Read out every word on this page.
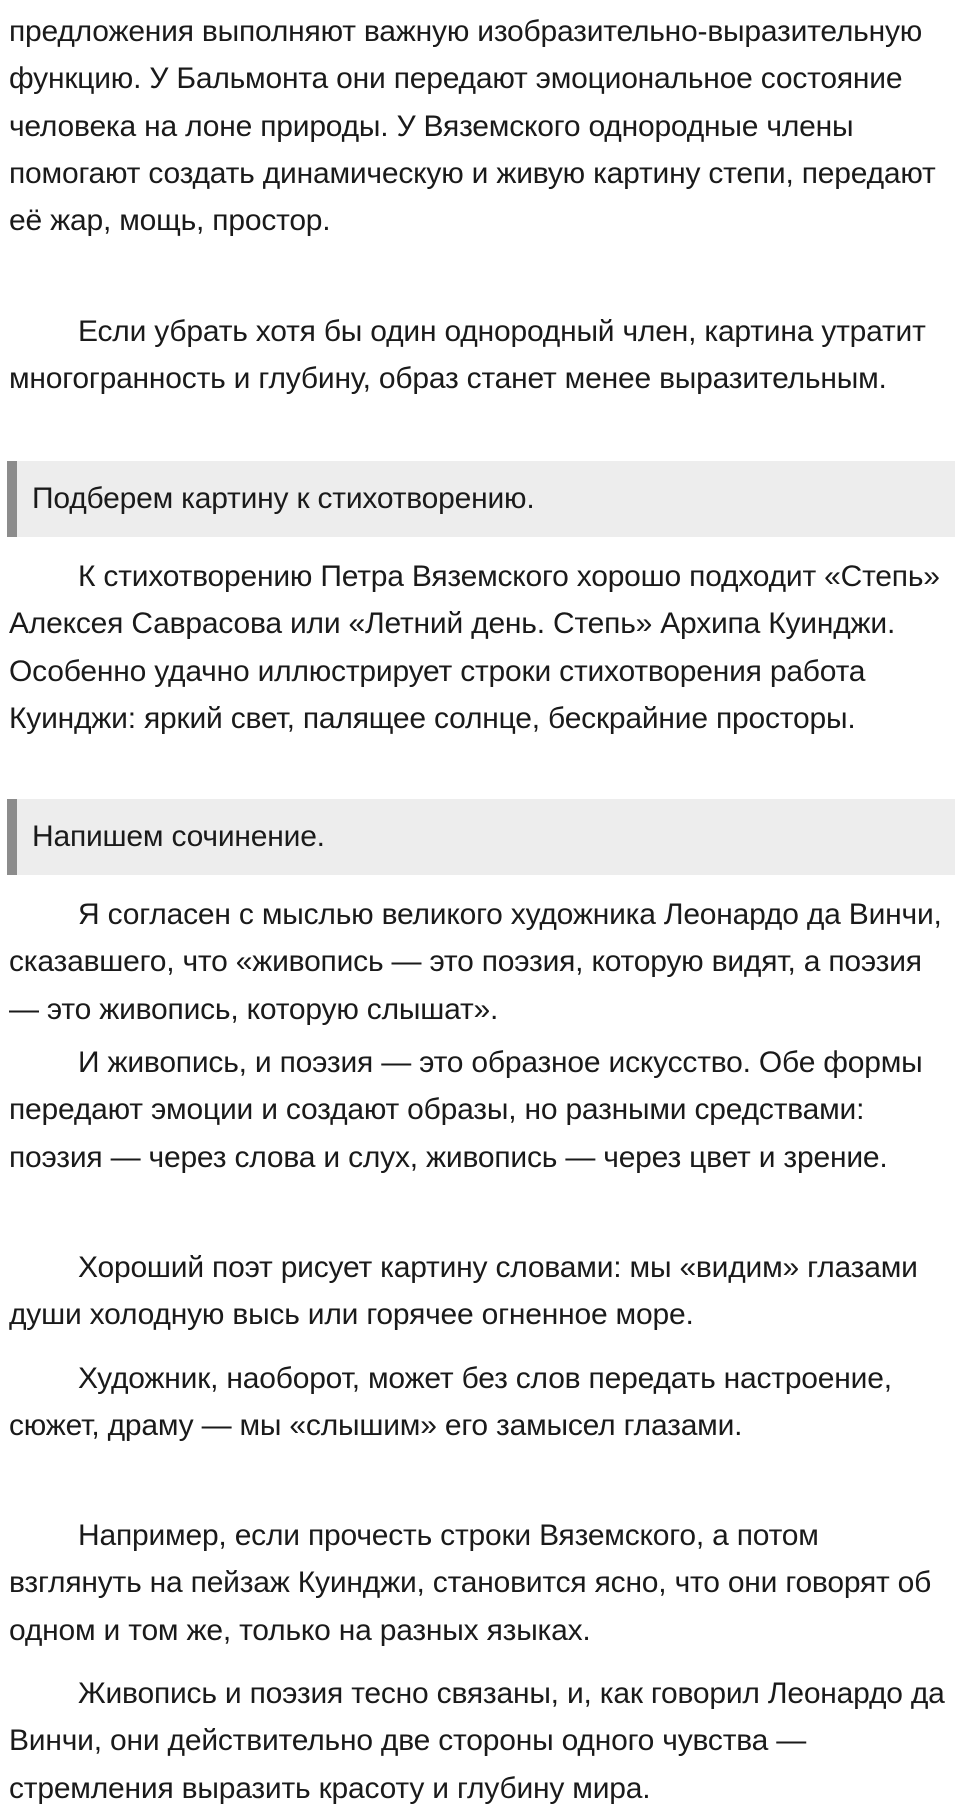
предложения выполняют важную изобразительно-выразительную функцию. У Бальмонта они передают эмоциональное состояние человека на лоне природы. У Вяземского однородные члены помогают создать динамическую и живую картину степи, передают её жар, мощь, простор.

Если убрать хотя бы один однородный член, картина утратит многогранность и глубину, образ станет менее выразительным.

Подберем картину к стихотворению.

К стихотворению Петра Вяземского хорошо подходит «Степь» Алексея Саврасова или «Летний день. Степь» Архипа Куинджи. Особенно удачно иллюстрирует строки стихотворения работа Куинджи: яркий свет, палящее солнце, бескрайние просторы.

Напишем сочинение.

Я согласен с мыслью великого художника Леонардо да Винчи, сказавшего, что «живопись — это поэзия, которую видят, а поэзия — это живопись, которую слышат».

И живопись, и поэзия — это образное искусство. Обе формы передают эмоции и создают образы, но разными средствами: поэзия — через слова и слух, живопись — через цвет и зрение.

Хороший поэт рисует картину словами: мы «видим» глазами души холодную высь или горячее огненное море.

Художник, наоборот, может без слов передать настроение, сюжет, драму — мы «слышим» его замысел глазами.

Например, если прочесть строки Вяземского, а потом взглянуть на пейзаж Куинджи, становится ясно, что они говорят об одном и том же, только на разных языках.

Живопись и поэзия тесно связаны, и, как говорил Леонардо да Винчи, они действительно две стороны одного чувства — стремления выразить красоту и глубину мира.
